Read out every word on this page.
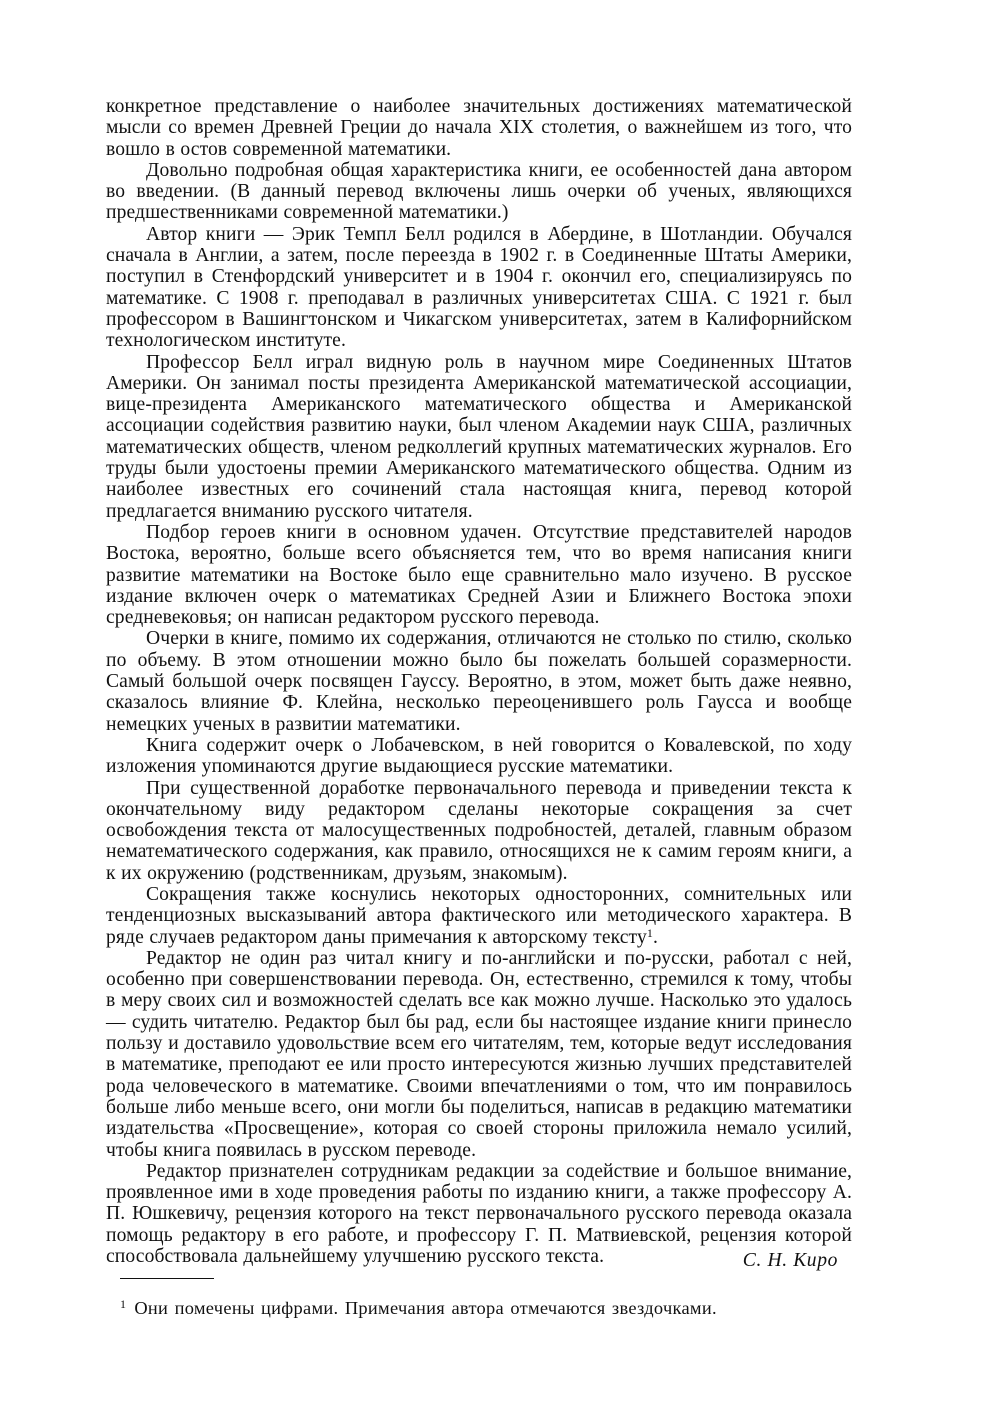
конкретное представление о наиболее значительных достижениях математической мысли со времен Древней Греции до начала XIX столетия, о важнейшем из того, что вошло в остов современной математики.

Довольно подробная общая характеристика книги, ее особенностей дана автором во введении. (В данный перевод включены лишь очерки об ученых, являющихся предшественниками современной математики.)

Автор книги — Эрик Темпл Белл родился в Абердине, в Шотландии. Обучался сначала в Англии, а затем, после переезда в 1902 г. в Соединенные Штаты Америки, поступил в Стенфордский университет и в 1904 г. окончил его, специализируясь по математике. С 1908 г. преподавал в различных университетах США. С 1921 г. был профессором в Вашингтонском и Чикагском университетах, затем в Калифорнийском технологическом институте.

Профессор Белл играл видную роль в научном мире Соединенных Штатов Америки. Он занимал посты президента Американской математической ассоциации, вице-президента Американского математического общества и Американской ассоциации содействия развитию науки, был членом Академии наук США, различных математических обществ, членом редколлегий крупных математических журналов. Его труды были удостоены премии Американского математического общества. Одним из наиболее известных его сочинений стала настоящая книга, перевод которой предлагается вниманию русского читателя.

Подбор героев книги в основном удачен. Отсутствие представителей народов Востока, вероятно, больше всего объясняется тем, что во время написания книги развитие математики на Востоке было еще сравнительно мало изучено. В русское издание включен очерк о математиках Средней Азии и Ближнего Востока эпохи средневековья; он написан редактором русского перевода.

Очерки в книге, помимо их содержания, отличаются не столько по стилю, сколько по объему. В этом отношении можно было бы пожелать большей соразмерности. Самый большой очерк посвящен Гауссу. Вероятно, в этом, может быть даже неявно, сказалось влияние Ф. Клейна, несколько переоценившего роль Гаусса и вообще немецких ученых в развитии математики.

Книга содержит очерк о Лобачевском, в ней говорится о Ковалевской, по ходу изложения упоминаются другие выдающиеся русские математики.

При существенной доработке первоначального перевода и приведении текста к окончательному виду редактором сделаны некоторые сокращения за счет освобождения текста от малосущественных подробностей, деталей, главным образом нематематического содержания, как правило, относящихся не к самим героям книги, а к их окружению (родственникам, друзьям, знакомым).

Сокращения также коснулись некоторых односторонних, сомнительных или тенденциозных высказываний автора фактического или методического характера. В ряде случаев редактором даны примечания к авторскому тексту$^1$.

Редактор не один раз читал книгу и по-английски и по-русски, работал с ней, особенно при совершенствовании перевода. Он, естественно, стремился к тому, чтобы в меру своих сил и возможностей сделать все как можно лучше. Насколько это удалось — судить читателю. Редактор был бы рад, если бы настоящее издание книги принесло пользу и доставило удовольствие всем его читателям, тем, которые ведут исследования в математике, преподают ее или просто интересуются жизнью лучших представителей рода человеческого в математике. Своими впечатлениями о том, что им понравилось больше либо меньше всего, они могли бы поделиться, написав в редакцию математики издательства «Просвещение», которая со своей стороны приложила немало усилий, чтобы книга появилась в русском переводе.

Редактор признателен сотрудникам редакции за содействие и большое внимание, проявленное ими в ходе проведения работы по изданию книги, а также профессору А. П. Юшкевичу, рецензия которого на текст первоначального русского перевода оказала помощь редактору в его работе, и профессору Г. П. Матвиевской, рецензия которой способствовала дальнейшему улучшению русского текста.	С. Н. Киро
$^1$ Они помечены цифрами. Примечания автора отмечаются звездочками.
